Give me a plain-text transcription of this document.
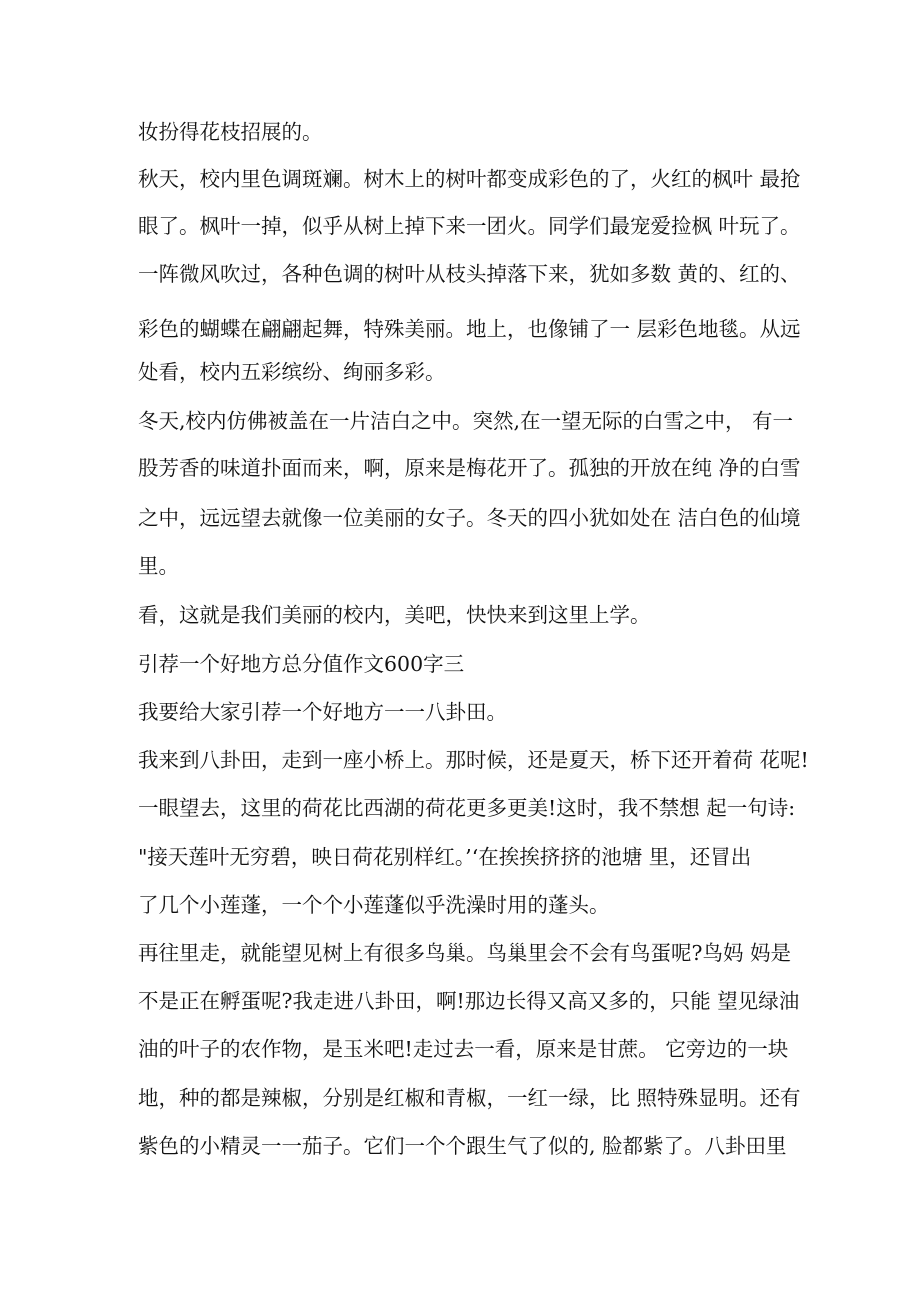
妆扮得花枝招展的。
秋天，校内里色调斑斓。树木上的树叶都变成彩色的了，火红的枫叶 最抢
眼了。枫叶一掉，似乎从树上掉下来一团火。同学们最宠爱捡枫 叶玩了。
一阵微风吹过，各种色调的树叶从枝头掉落下来，犹如多数 黄的、红的、
彩色的蝴蝶在翩翩起舞，特殊美丽。地上，也像铺了一 层彩色地毯。从远
处看，校内五彩缤纷、绚丽多彩。
冬天,校内仿佛被盖在一片洁白之中。突然,在一望无际的白雪之中， 有一
股芳香的味道扑面而来，啊，原来是梅花开了。孤独的开放在纯 净的白雪
之中，远远望去就像一位美丽的女子。冬天的四小犹如处在 洁白色的仙境
里。
看，这就是我们美丽的校内，美吧，快快来到这里上学。
引荐一个好地方总分值作文600字三
我要给大家引荐一个好地方一一八卦田。
我来到八卦田，走到一座小桥上。那时候，还是夏天，桥下还开着荷 花呢!
一眼望去，这里的荷花比西湖的荷花更多更美!这时，我不禁想 起一句诗:
"接天莲叶无穷碧，映日荷花别样红。’‘在挨挨挤挤的池塘 里，还冒出
了几个小莲蓬，一个个小莲蓬似乎洗澡时用的蓬头。
再往里走，就能望见树上有很多鸟巢。鸟巢里会不会有鸟蛋呢?鸟妈 妈是
不是正在孵蛋呢?我走进八卦田，啊!那边长得又高又多的，只能 望见绿油
油的叶子的农作物，是玉米吧!走过去一看，原来是甘蔗。 它旁边的一块
地，种的都是辣椒，分别是红椒和青椒，一红一绿，比 照特殊显明。还有
紫色的小精灵一一茄子。它们一个个跟生气了似的, 脸都紫了。八卦田里
